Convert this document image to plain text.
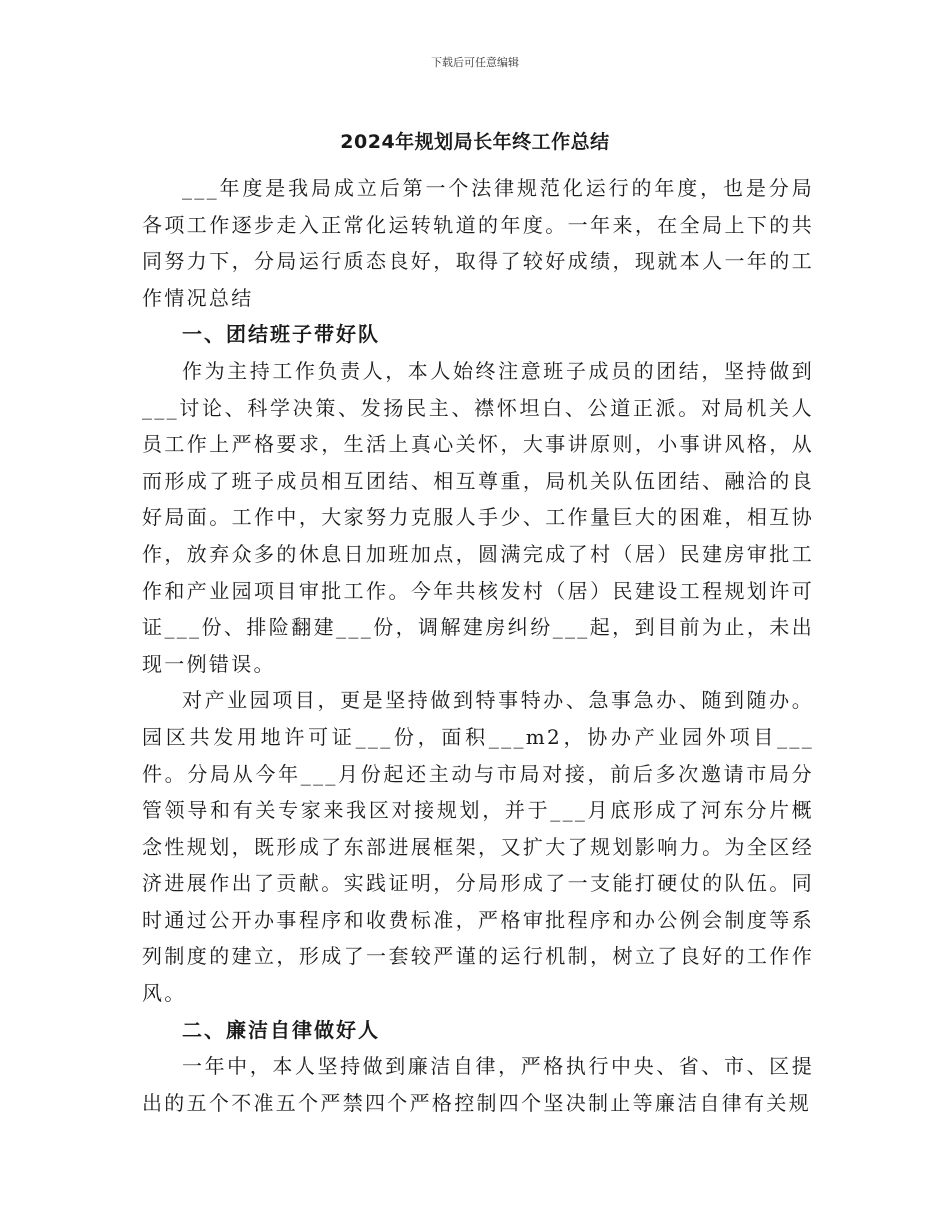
下载后可任意编辑
2024年规划局长年终工作总结

___年度是我局成立后第一个法律规范化运行的年度，也是分局各项工作逐步走入正常化运转轨道的年度。一年来，在全局上下的共同努力下，分局运行质态良好，取得了较好成绩，现就本人一年的工作情况总结

一、团结班子带好队

作为主持工作负责人，本人始终注意班子成员的团结，坚持做到___讨论、科学决策、发扬民主、襟怀坦白、公道正派。对局机关人员工作上严格要求，生活上真心关怀，大事讲原则，小事讲风格，从而形成了班子成员相互团结、相互尊重，局机关队伍团结、融洽的良好局面。工作中，大家努力克服人手少、工作量巨大的困难，相互协作，放弃众多的休息日加班加点，圆满完成了村（居）民建房审批工作和产业园项目审批工作。今年共核发村（居）民建设工程规划许可证___份、排险翻建___份，调解建房纠纷___起，到目前为止，未出现一例错误。

对产业园项目，更是坚持做到特事特办、急事急办、随到随办。园区共发用地许可证___份，面积___m2，协办产业园外项目___件。分局从今年___月份起还主动与市局对接，前后多次邀请市局分管领导和有关专家来我区对接规划，并于___月底形成了河东分片概念性规划，既形成了东部进展框架，又扩大了规划影响力。为全区经济进展作出了贡献。实践证明，分局形成了一支能打硬仗的队伍。同时通过公开办事程序和收费标准，严格审批程序和办公例会制度等系列制度的建立，形成了一套较严谨的运行机制，树立了良好的工作作风。

二、廉洁自律做好人

一年中，本人坚持做到廉洁自律，严格执行中央、省、市、区提出的五个不准五个严禁四个严格控制四个坚决制止等廉洁自律有关规
